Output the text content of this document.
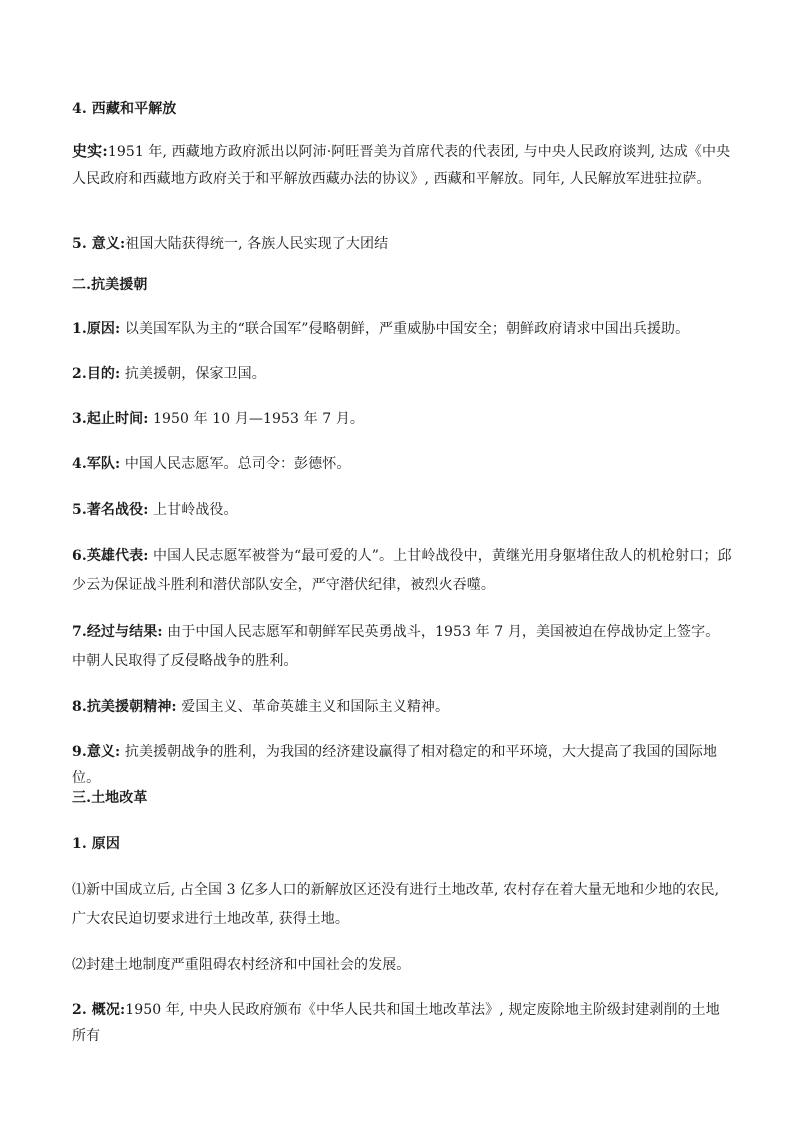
4. 西藏和平解放

史实:1951 年, 西藏地方政府派出以阿沛·阿旺晋美为首席代表的代表团, 与中央人民政府谈判, 达成《中央人民政府和西藏地方政府关于和平解放西藏办法的协议》, 西藏和平解放。同年, 人民解放军进驻拉萨。

5. 意义:祖国大陆获得统一, 各族人民实现了大团结

二.抗美援朝

1.原因: 以美国军队为主的“联合国军”侵略朝鲜，严重威胁中国安全；朝鲜政府请求中国出兵援助。

2.目的: 抗美援朝，保家卫国。

3.起止时间: 1950 年 10 月—1953 年 7 月。

4.军队: 中国人民志愿军。总司令：彭德怀。

5.著名战役: 上甘岭战役。

6.英雄代表: 中国人民志愿军被誉为“最可爱的人”。上甘岭战役中，黄继光用身躯堵住敌人的机枪射口；邱少云为保证战斗胜利和潜伏部队安全，严守潜伏纪律，被烈火吞噬。

7.经过与结果: 由于中国人民志愿军和朝鲜军民英勇战斗，1953 年 7 月，美国被迫在停战协定上签字。中朝人民取得了反侵略战争的胜利。

8.抗美援朝精神: 爱国主义、革命英雄主义和国际主义精神。

9.意义: 抗美援朝战争的胜利，为我国的经济建设赢得了相对稳定的和平环境，大大提高了我国的国际地位。

三.土地改革

1. 原因

⑴新中国成立后, 占全国 3 亿多人口的新解放区还没有进行土地改革, 农村存在着大量无地和少地的农民, 广大农民迫切要求进行土地改革, 获得土地。

⑵封建土地制度严重阻碍农村经济和中国社会的发展。

2. 概况:1950 年, 中央人民政府颁布《中华人民共和国土地改革法》, 规定废除地主阶级封建剥削的土地所有
